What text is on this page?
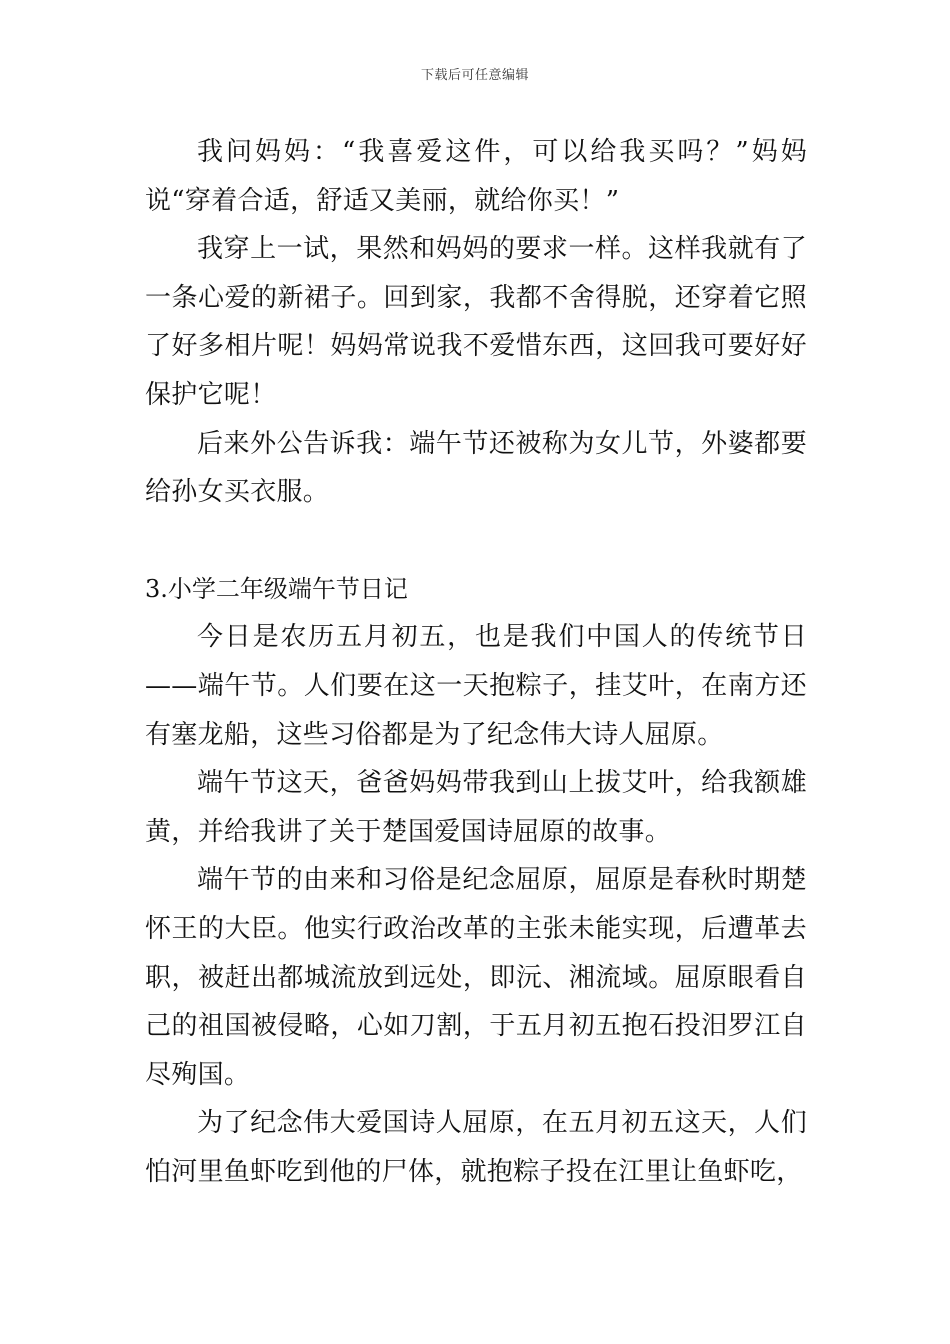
下载后可任意编辑

我问妈妈：“我喜爱这件，可以给我买吗？”妈妈说“穿着合适，舒适又美丽，就给你买！”

我穿上一试，果然和妈妈的要求一样。这样我就有了一条心爱的新裙子。回到家，我都不舍得脱，还穿着它照了好多相片呢！妈妈常说我不爱惜东西，这回我可要好好保护它呢！

后来外公告诉我：端午节还被称为女儿节，外婆都要给孙女买衣服。

3.小学二年级端午节日记

今日是农历五月初五，也是我们中国人的传统节日——端午节。人们要在这一天抱粽子，挂艾叶，在南方还有塞龙船，这些习俗都是为了纪念伟大诗人屈原。

端午节这天，爸爸妈妈带我到山上拔艾叶，给我额雄黄，并给我讲了关于楚国爱国诗屈原的故事。

端午节的由来和习俗是纪念屈原，屈原是春秋时期楚怀王的大臣。他实行政治改革的主张未能实现，后遭革去职，被赶出都城流放到远处，即沅、湘流域。屈原眼看自己的祖国被侵略，心如刀割，于五月初五抱石投汨罗江自尽殉国。

为了纪念伟大爱国诗人屈原，在五月初五这天，人们怕河里鱼虾吃到他的尸体，就抱粽子投在江里让鱼虾吃，
